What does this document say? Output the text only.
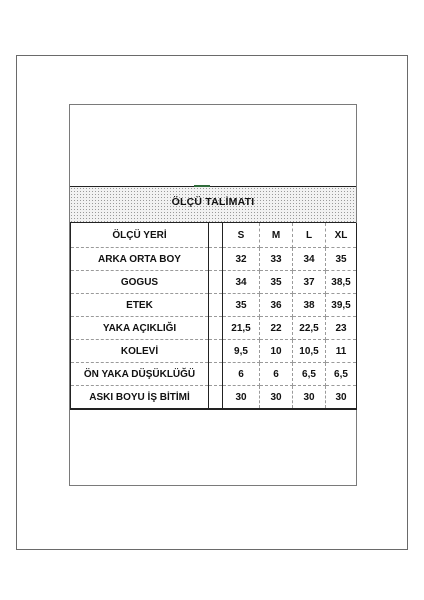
ÖLÇÜ TALİMATI
ÖLÇÜ YERİ		S	M	L	XL
ARKA ORTA BOY		32	33	34	35
GOGUS		34	35	37	38,5
ETEK		35	36	38	39,5
YAKA AÇIKLIĞI		21,5	22	22,5	23
KOLEVİ		9,5	10	10,5	11
ÖN YAKA DÜŞÜKLÜĞÜ		6	6	6,5	6,5
ASKI BOYU İŞ BİTİMİ		30	30	30	30
